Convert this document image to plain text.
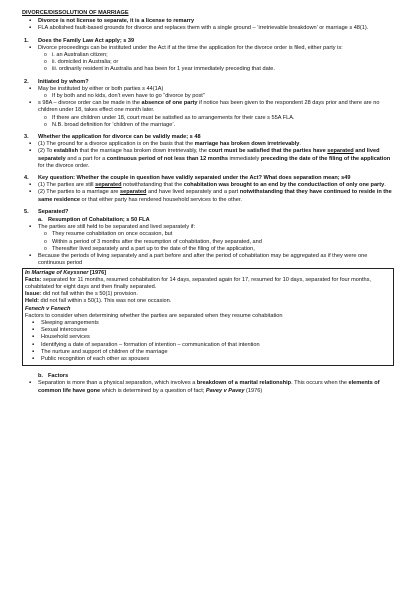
DIVORCE/DISSOLUTION OF MARRIAGE
▪ Divorce is not license to separate, it is a license to remarry
▪ FLA abolished fault-based grounds for divorce and replaces them with a single ground – ‘irretrievable breakdown’ or marriage s 48(1).
1. Does the Family Law Act apply; s 39
▪ Divorce proceedings can be instituted under the Act if at the time the application for the divorce order is filed, either party is:
o i. an Australian citizen;
o ii. domiciled in Australia; or
o iii. ordinarily resident in Australia and has been for 1 year immediately preceding that date.
2. Initiated by whom?
▪ May be instituted by either or both parties s 44(1A)
o If by both and no kids, don’t even have to go “divorce by post”
▪ s 98A – divorce order can be made in the absence of one party if notice has been given to the respondent 28 days prior and there are no children under 18, takes effect one month later.
o If there are children under 18, court must be satisfied as to arrangements for their care s 55A FLA.
o N.B. broad definition for ‘children of the marriage’.
3. Whether the application for divorce can be validly made; s 48
▪ (1) The ground for a divorce application is on the basis that the marriage has broken down irretrievably.
▪ (2) To establish that the marriage has broken down irretrievably, the court must be satisfied that the parties have separated and lived separately and a part for a continuous period of not less than 12 months immediately preceding the date of the filing of the application for the divorce order.
4. Key question: Whether the couple in question have validly separated under the Act? What does separation mean; s49
▪ (1) The parties are still separated notwithstanding that the cohabitation was brought to an end by the conduct/action of only one party.
▪ (2) The parties to a marriage are separated and have lived separately and a part notwithstanding that they have continued to reside in the same residence or that either party has rendered household services to the other.
5. Separated?
a. Resumption of Cohabitation; s 50 FLA
▪ The parties are still held to be separated and lived separately if:
o They resume cohabitation on once occasion, but
o Within a period of 3 months after the resumption of cohabitation, they separated, and
o Thereafter lived separately and a part up to the date of the filing of the application,
▪ Because the periods of living separately and a part before and after the period of cohabitation may be aggregated as if they were one continuous period
In Marriage of Keyssner [1976]
Facts: separated for 11 months, resumed cohabitation for 14 days, separated again for 17, resumed for 10 days, separated for four months, cohabitated for eight days and then finally separated.
Issue: did not fall within the s 50(1) provision.
Held: did not fall within s 50(1). This was not one occasion.
Fenech v Fenech
Factors to consider when determining whether the parties are separated when they resume cohabitation
▪ Sleeping arrangements
▪ Sexual intercourse
▪ Household services
▪ Identifying a date of separation – formation of intention – communication of that intention
▪ The nurture and support of children of the marriage
▪ Public recognition of each other as spouses
b. Factors
▪ Separation is more than a physical separation, which involves a breakdown of a marital relationship. This occurs when the elements of common life have gone which is determined by a question of fact; Pavey v Pavey (1976)
